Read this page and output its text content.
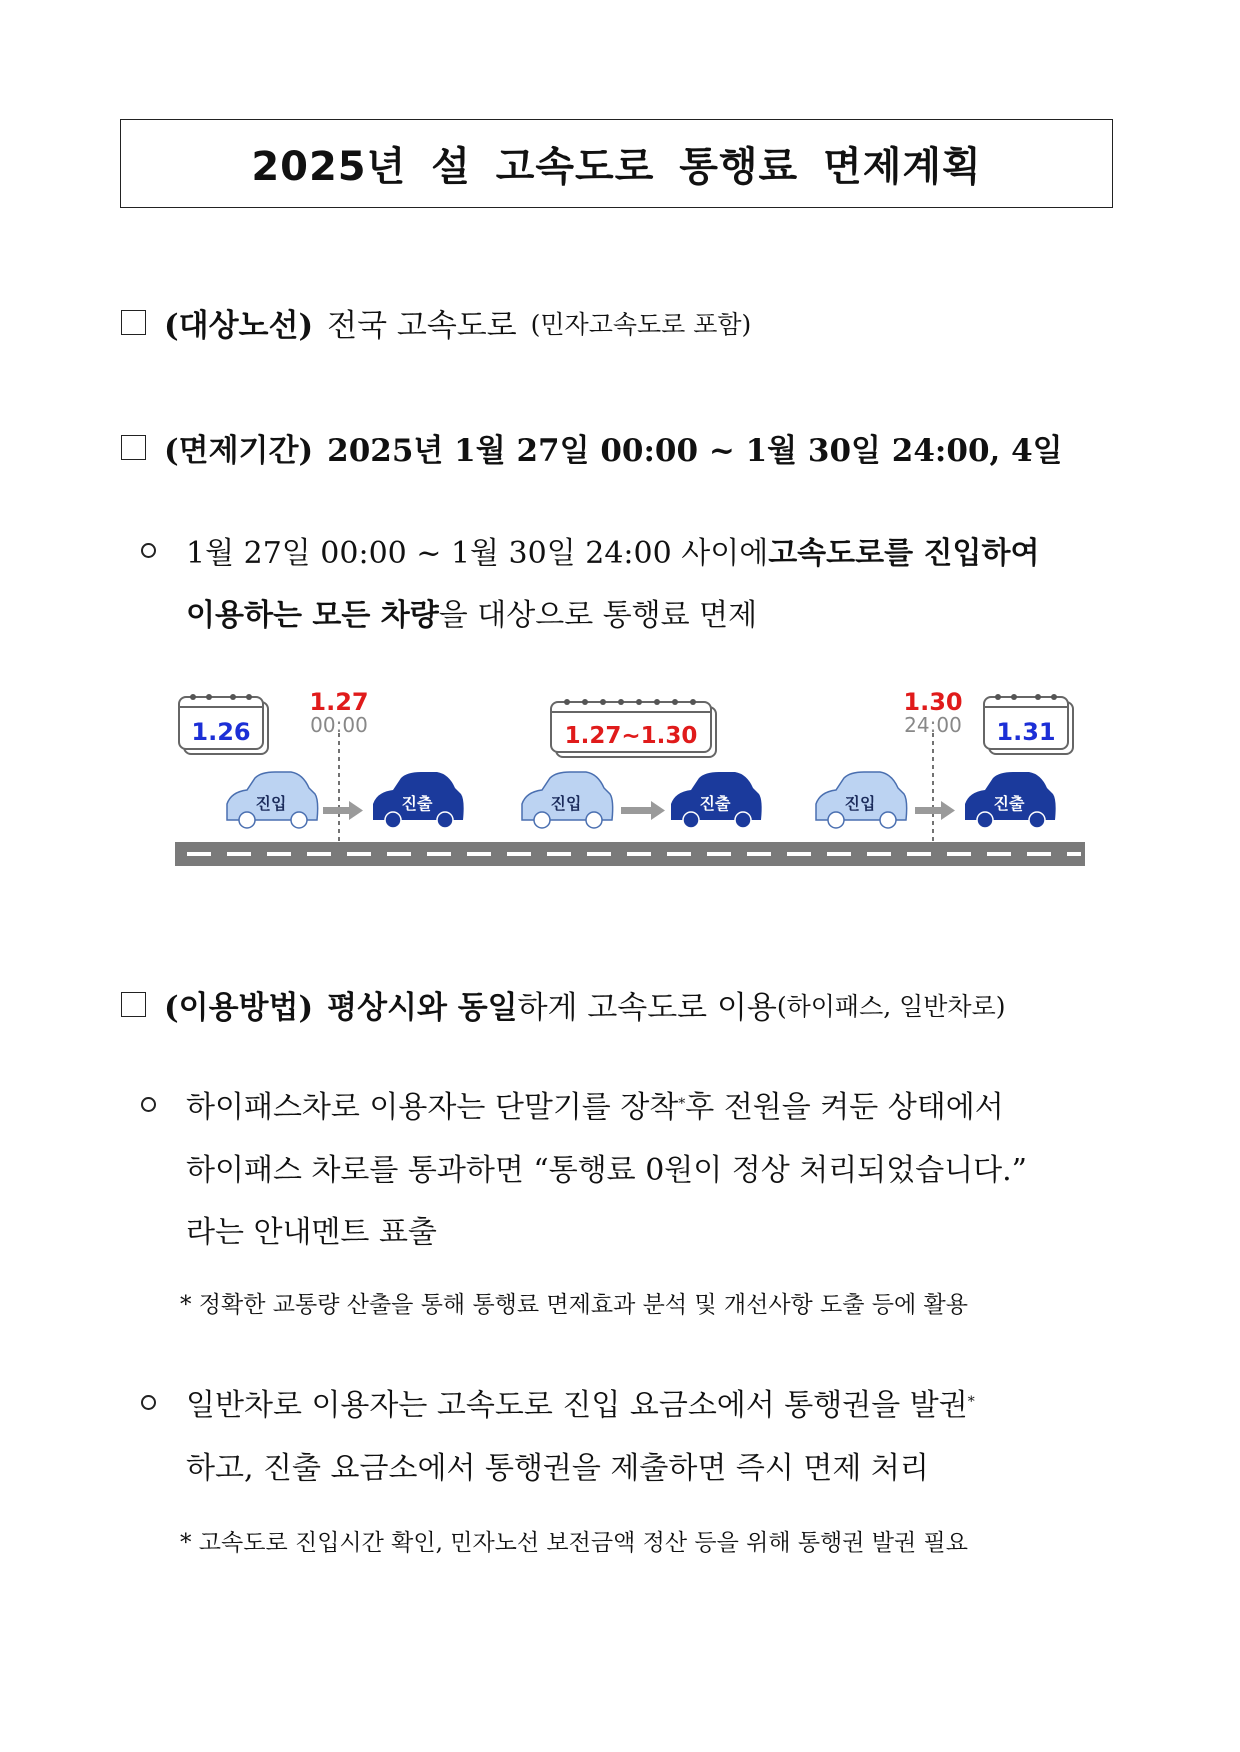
2025년 설 고속도로 통행료 면제계획
(대상노선) 전국 고속도로 (민자고속도로 포함)
(면제기간) 2025년 1월 27일 00:00 ~ 1월 30일 24:00, 4일
1월 27일 00:00 ~ 1월 30일 24:00 사이에 고속도로를 진입하여
이용하는 모든 차량 을 대상으로 통행료 면제
1.26	1.27~1.30	1.31
1.27
00:00
1.30
24:00
진입	진출	진입	진출	진입	진출
(이용방법) 평상시와 동일 하게 고속도로 이용 (하이패스, 일반차로)
하이패스차로 이용자는 단말기를 장착 * 후 전원을 켜둔 상태에서
하이패스 차로를 통과하면 “통행료 0원이 정상 처리되었습니다.”
라는 안내멘트 표출
* 정확한 교통량 산출을 통해 통행료 면제효과 분석 및 개선사항 도출 등에 활용
일반차로 이용자는 고속도로 진입 요금소에서 통행권을 발권 *
하고, 진출 요금소에서 통행권을 제출하면 즉시 면제 처리
* 고속도로 진입시간 확인, 민자노선 보전금액 정산 등을 위해 통행권 발권 필요
